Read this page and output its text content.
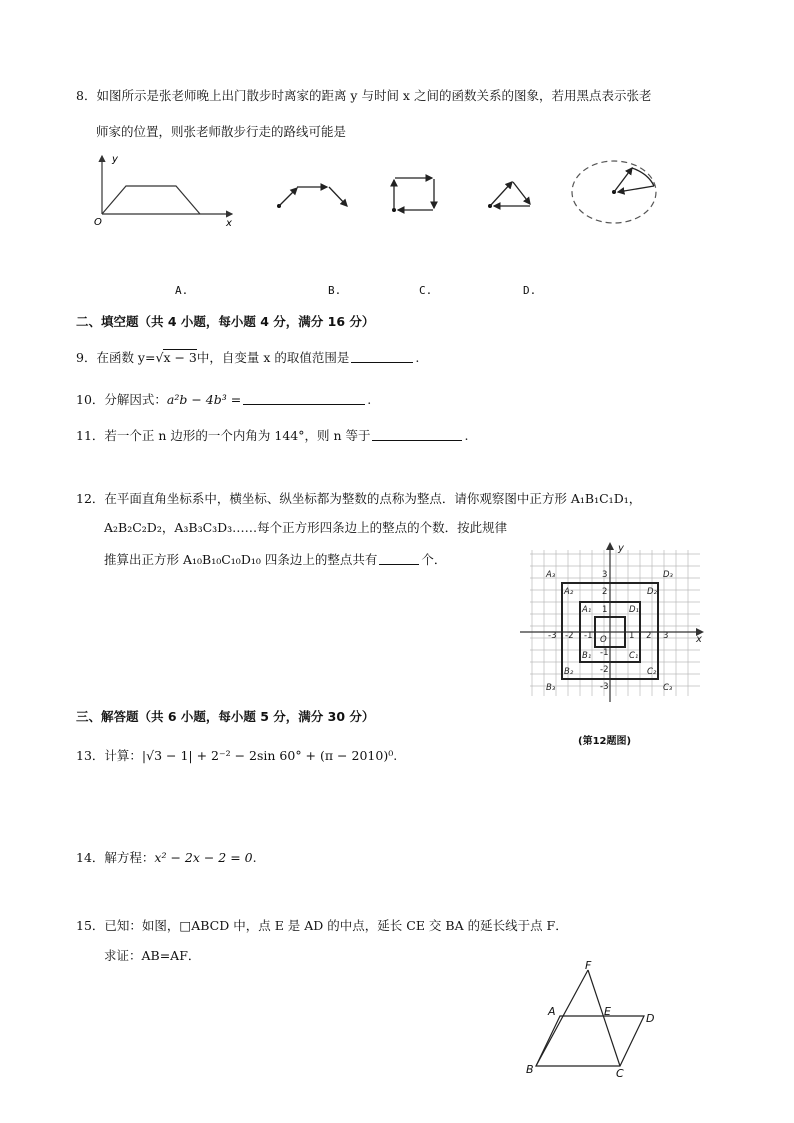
8．如图所示是张老师晚上出门散步时离家的距离 y 与时间 x 之间的函数关系的图象，若用黑点表示张老
师家的位置，则张老师散步行走的路线可能是
y
x
O
A.	B.	C.	D.
二、填空题（共 4 小题，每小题 4 分，满分 16 分）
9．在函数 y=√x − 3中，自变量 x 的取值范围是	.
10．分解因式：a²b − 4b³ =	.
11．若一个正 n 边形的一个内角为 144°，则 n 等于	.
12．在平面直角坐标系中，横坐标、纵坐标都为整数的点称为整点．请你观察图中正方形 A₁B₁C₁D₁，
A₂B₂C₂D₂，A₃B₃C₃D₃……每个正方形四条边上的整点的个数．按此规律
推算出正方形 A₁₀B₁₀C₁₀D₁₀ 四条边上的整点共有	个．
x
y
O
-3 -2 -1	1 2 3
3
2
1
-1
-2
-3
A₃
A₂
A₁
B₁
B₂
B₃
C₁
C₂
C₃
D₁
D₂
D₃
(第12题图)
三、解答题（共 6 小题，每小题 5 分，满分 30 分）
13．计算：|√3 − 1| + 2⁻² − 2sin 60° + (π − 2010)⁰.
14．解方程：x² − 2x − 2 = 0.
15．已知：如图，□ABCD 中，点 E 是 AD 的中点，延长 CE 交 BA 的延长线于点 F．
求证：AB=AF．
F
A	E
D
B	C
